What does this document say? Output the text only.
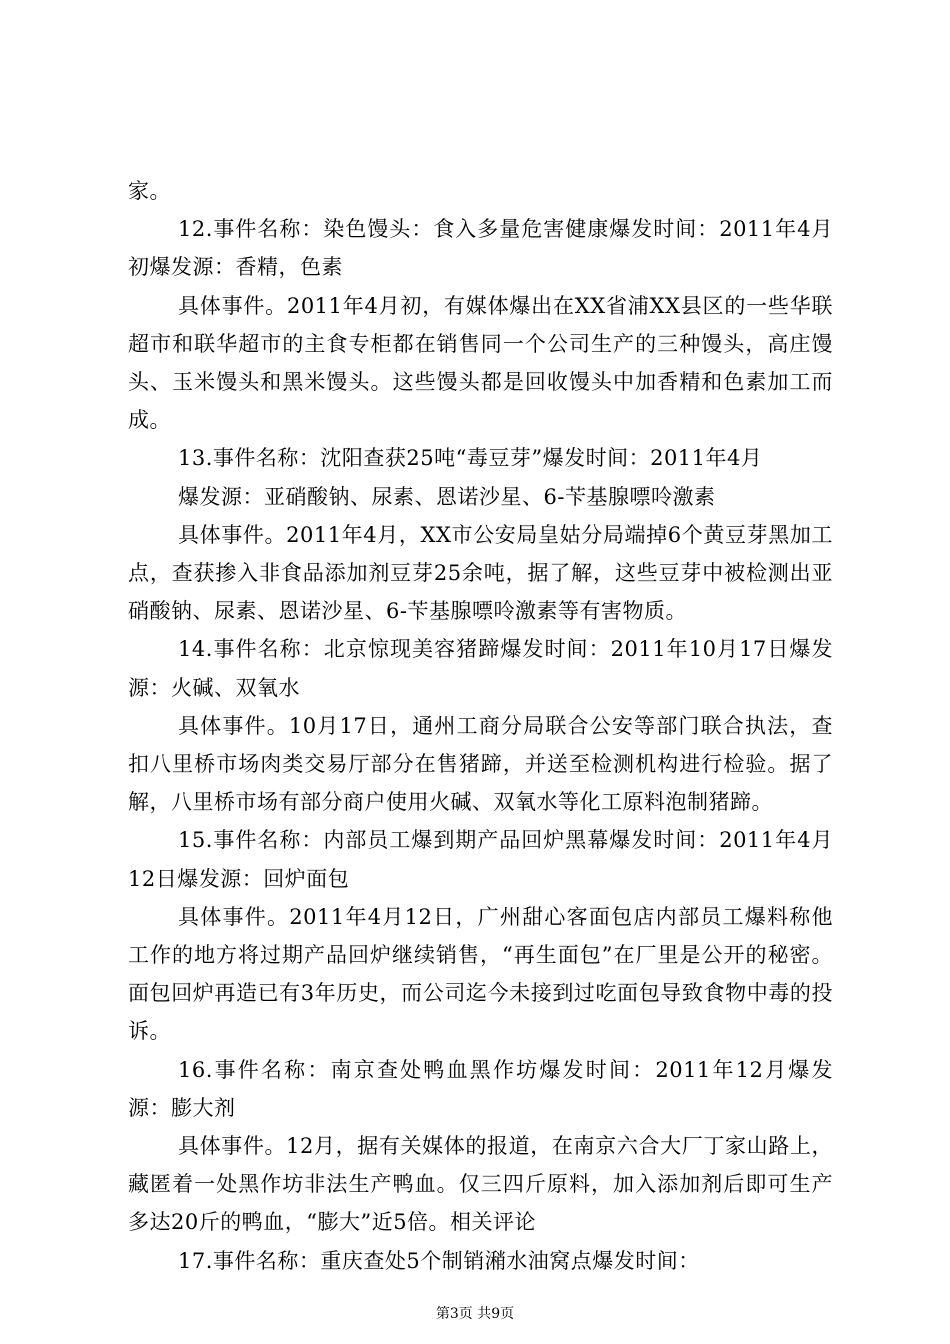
家。

12.事件名称：染色馒头：食入多量危害健康爆发时间：2011年4月初爆发源：香精，色素

具体事件。2011年4月初，有媒体爆出在XX省浦XX县区的一些华联超市和联华超市的主食专柜都在销售同一个公司生产的三种馒头，高庄馒头、玉米馒头和黑米馒头。这些馒头都是回收馒头中加香精和色素加工而成。

13.事件名称：沈阳查获25吨“毒豆芽”爆发时间：2011年4月

爆发源：亚硝酸钠、尿素、恩诺沙星、6-苄基腺嘌呤激素

具体事件。2011年4月，XX市公安局皇姑分局端掉6个黄豆芽黑加工点，查获掺入非食品添加剂豆芽25余吨，据了解，这些豆芽中被检测出亚硝酸钠、尿素、恩诺沙星、6-苄基腺嘌呤激素等有害物质。

14.事件名称：北京惊现美容猪蹄爆发时间：2011年10月17日爆发源：火碱、双氧水

具体事件。10月17日，通州工商分局联合公安等部门联合执法，查扣八里桥市场肉类交易厅部分在售猪蹄，并送至检测机构进行检验。据了解，八里桥市场有部分商户使用火碱、双氧水等化工原料泡制猪蹄。

15.事件名称：内部员工爆到期产品回炉黑幕爆发时间：2011年4月12日爆发源：回炉面包

具体事件。2011年4月12日，广州甜心客面包店内部员工爆料称他工作的地方将过期产品回炉继续销售，“再生面包”在厂里是公开的秘密。面包回炉再造已有3年历史，而公司迄今未接到过吃面包导致食物中毒的投诉。

16.事件名称：南京查处鸭血黑作坊爆发时间：2011年12月爆发源：膨大剂

具体事件。12月，据有关媒体的报道，在南京六合大厂丁家山路上，藏匿着一处黑作坊非法生产鸭血。仅三四斤原料，加入添加剂后即可生产多达20斤的鸭血，“膨大”近5倍。相关评论

17.事件名称：重庆查处5个制销潲水油窝点爆发时间：

第3页 共9页
